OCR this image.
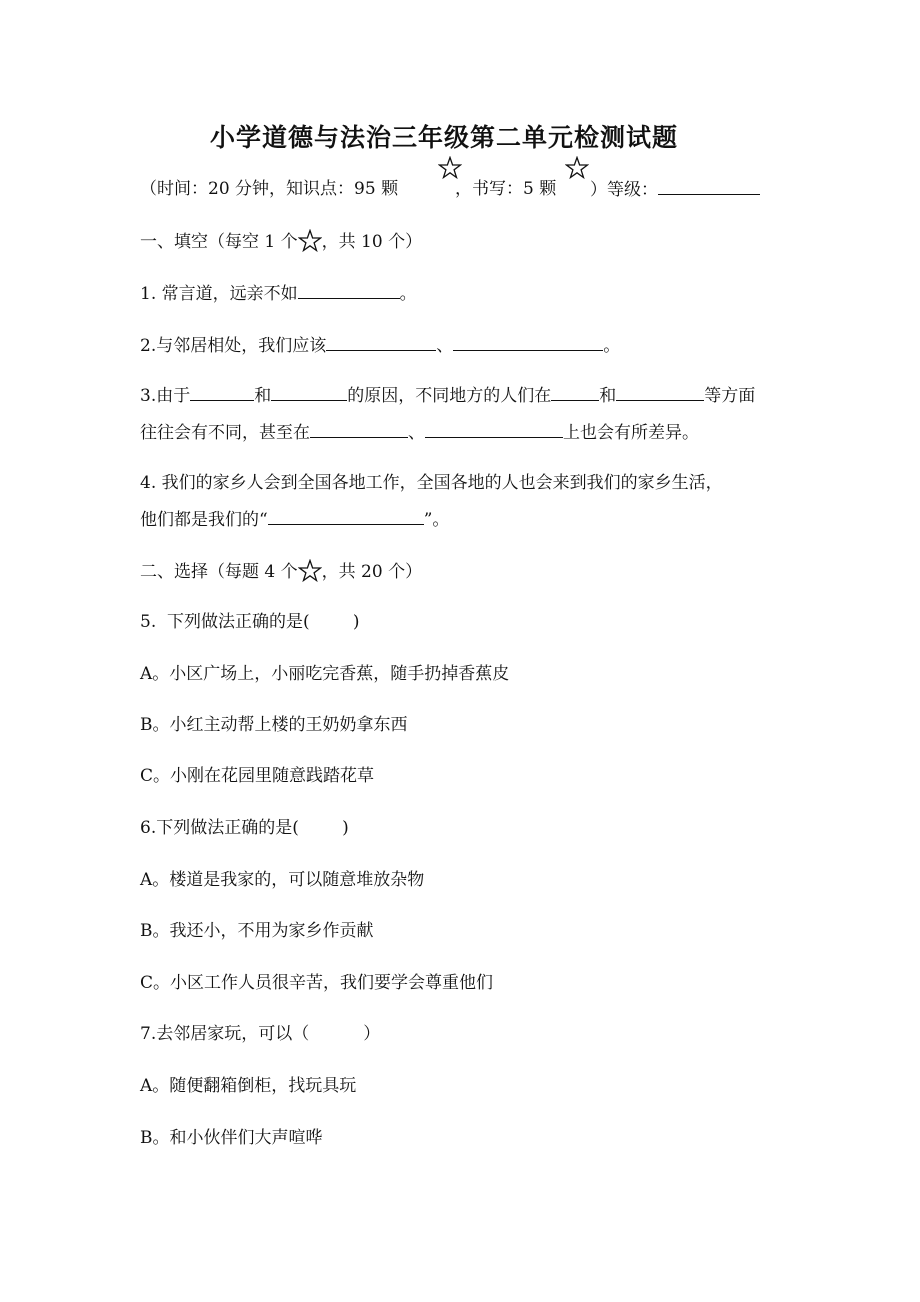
小学道德与法治三年级第二单元检测试题
（时间：20 分钟，知识点：95 颗	，书写：5 颗 ）等级：
一、填空（每空 1 个 ，共 10 个）
1. 常言道，远亲不如	。
2.与邻居相处，我们应该	、	。
3.由于	和	的原因，不同地方的人们在	和	等方面
往往会有不同，甚至在	、	上也会有所差异。
4. 我们的家乡人会到全国各地工作，全国各地的人也会来到我们的家乡生活，
他们都是我们的“	”。
二、选择（每题 4 个 ，共 20 个）
5.  下列做法正确的是(        )
A。小区广场上，小丽吃完香蕉，随手扔掉香蕉皮
B。小红主动帮上楼的王奶奶拿东西
C。小刚在花园里随意践踏花草
6.下列做法正确的是(        )
A。楼道是我家的，可以随意堆放杂物
B。我还小，不用为家乡作贡献
C。小区工作人员很辛苦，我们要学会尊重他们
7.去邻居家玩，可以（          ）
A。随便翻箱倒柜，找玩具玩
B。和小伙伴们大声喧哗
